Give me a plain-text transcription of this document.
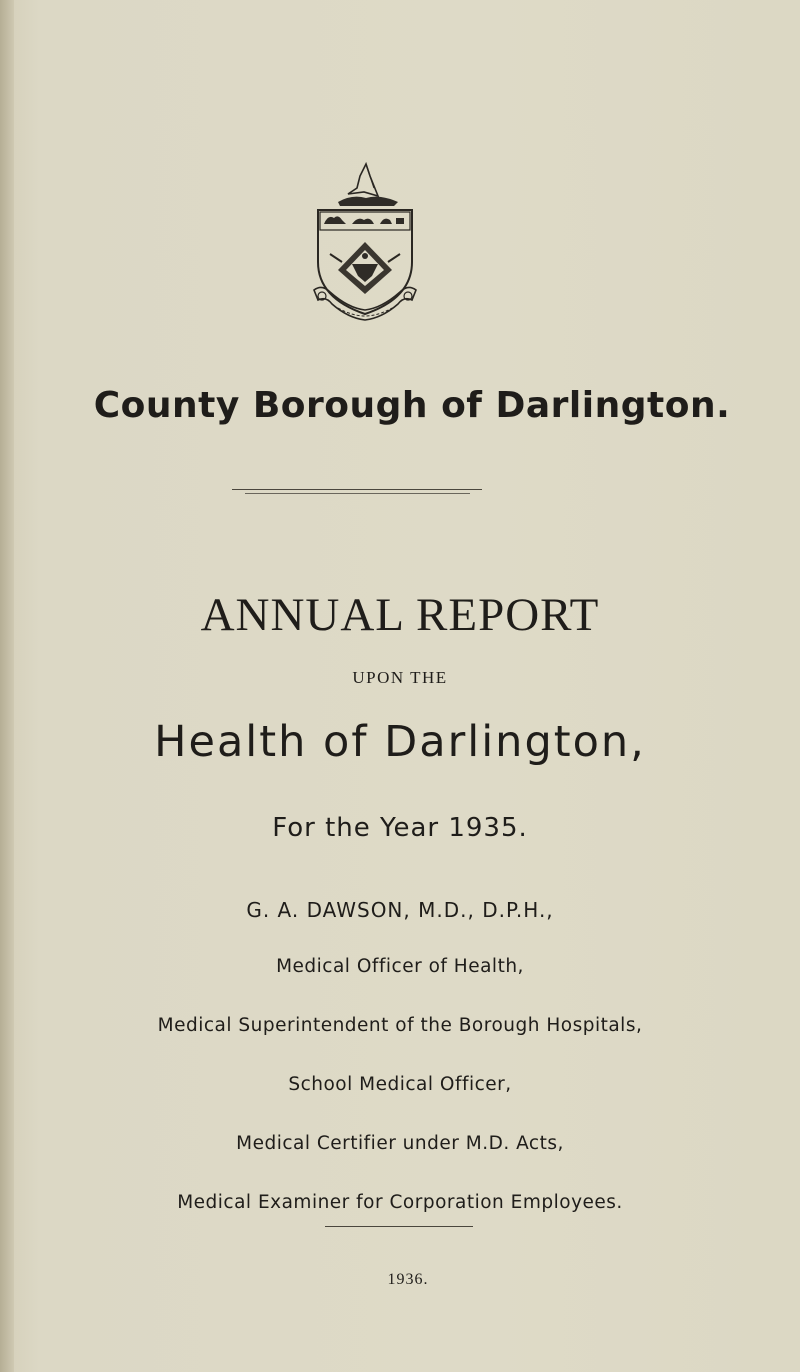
County Borough of Darlington.
ANNUAL REPORT
UPON THE
Health of Darlington,
For the Year 1935.
G. A. DAWSON, M.D., D.P.H.,
Medical Officer of Health,
Medical Superintendent of the Borough Hospitals,
School Medical Officer,
Medical Certifier under M.D. Acts,
Medical Examiner for Corporation Employees.
1936.
